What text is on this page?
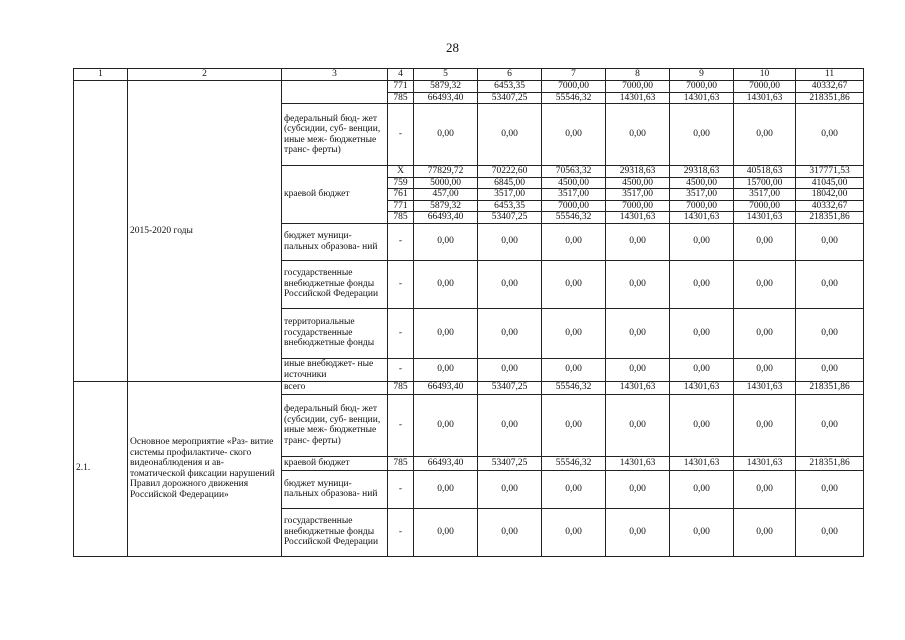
28
1	2	3	4	5	6	7	8	9	10	11
	2015-2020 годы		771	5879,32	6453,35	7000,00	7000,00	7000,00	7000,00	40332,67
			785	66493,40	53407,25	55546,32	14301,63	14301,63	14301,63	218351,86
		федеральный бюд- жет (субсидии, суб- венции, иные меж- бюджетные транс- ферты)	-	0,00	0,00	0,00	0,00	0,00	0,00	0,00
		краевой бюджет	X	77829,72	70222,60	70563,32	29318,63	29318,63	40518,63	317771,53
			759	5000,00	6845,00	4500,00	4500,00	4500,00	15700,00	41045,00
			761	457,00	3517,00	3517,00	3517,00	3517,00	3517,00	18042,00
			771	5879,32	6453,35	7000,00	7000,00	7000,00	7000,00	40332,67
			785	66493,40	53407,25	55546,32	14301,63	14301,63	14301,63	218351,86
		бюджет муници- пальных образова- ний	-	0,00	0,00	0,00	0,00	0,00	0,00	0,00
		государственные внебюджетные фонды Российской Федерации	-	0,00	0,00	0,00	0,00	0,00	0,00	0,00
		территориальные государственные внебюджетные фонды	-	0,00	0,00	0,00	0,00	0,00	0,00	0,00
		иные внебюджет- ные источники	-	0,00	0,00	0,00	0,00	0,00	0,00	0,00
2.1.	Основное мероприятие «Раз- витие системы профилактиче- ского видеонаблюдения и ав- томатической фиксации нарушений Правил дорожного движения Российской Федерации»	всего	785	66493,40	53407,25	55546,32	14301,63	14301,63	14301,63	218351,86
		федеральный бюд- жет (субсидии, суб- венции, иные меж- бюджетные транс- ферты)	-	0,00	0,00	0,00	0,00	0,00	0,00	0,00
		краевой бюджет	785	66493,40	53407,25	55546,32	14301,63	14301,63	14301,63	218351,86
		бюджет муници- пальных образова- ний	-	0,00	0,00	0,00	0,00	0,00	0,00	0,00
		государственные внебюджетные фонды Российской Федерации	-	0,00	0,00	0,00	0,00	0,00	0,00	0,00
